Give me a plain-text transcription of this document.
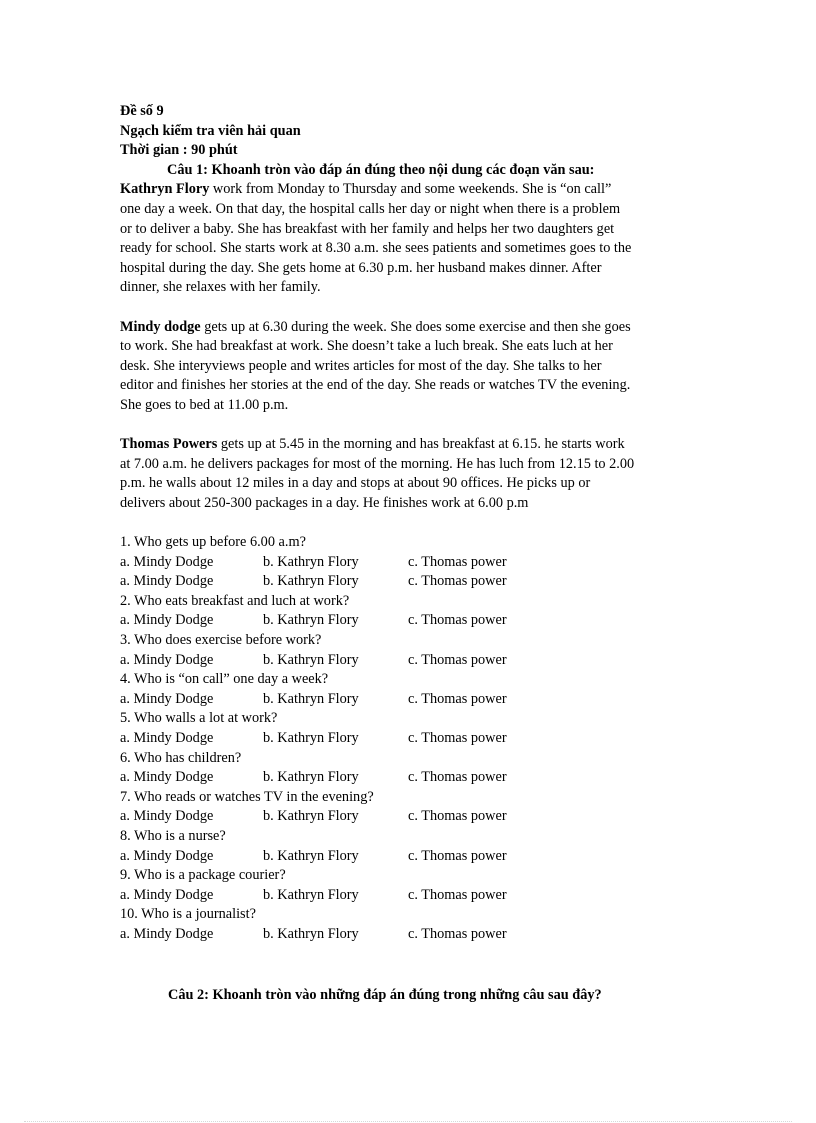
Đề số 9
Ngạch kiểm tra viên hải quan
Thời gian : 90 phút
Câu 1: Khoanh tròn vào đáp án đúng theo nội dung các đoạn văn sau:

Kathryn Flory work from Monday to Thursday and some weekends. She is “on call”
one day a week. On that day, the hospital calls her day or night when there is a problem
or to deliver a baby. She has breakfast with her family and helps her two daughters get
ready for school. She starts work at 8.30 a.m. she sees patients and sometimes goes to the
hospital during the day. She gets home at 6.30 p.m. her husband makes dinner. After
dinner, she relaxes with her family.

Mindy dodge gets up at 6.30 during the week. She does some exercise and then she goes
to work. She had breakfast at work. She doesn’t take a luch break. She eats luch at her
desk. She interyviews people and writes articles for most of the day. She talks to her
editor and finishes her stories at the end of the day. She reads or watches TV the evening.
She goes to bed at 11.00 p.m.

Thomas Powers gets up at 5.45 in the morning and has breakfast at 6.15. he starts work
at 7.00 a.m. he delivers packages for most of the morning. He has luch from 12.15 to 2.00
p.m. he walls about 12 miles in a day and stops at about 90 offices. He picks up or
delivers about 250-300 packages in a day. He finishes work at 6.00 p.m

1. Who gets up before 6.00 a.m?
a. Mindy Dodge	b. Kathryn Flory	c. Thomas power
a. Mindy Dodge	b. Kathryn Flory	c. Thomas power
2. Who eats breakfast and luch at work?
a. Mindy Dodge	b. Kathryn Flory	c. Thomas power
3. Who does exercise before work?
a. Mindy Dodge	b. Kathryn Flory	c. Thomas power
4. Who is “on call” one day a week?
a. Mindy Dodge	b. Kathryn Flory	c. Thomas power
5. Who walls a lot at work?
a. Mindy Dodge	b. Kathryn Flory	c. Thomas power
6. Who has children?
a. Mindy Dodge	b. Kathryn Flory	c. Thomas power
7. Who reads or watches TV in the evening?
a. Mindy Dodge	b. Kathryn Flory	c. Thomas power
8. Who is a nurse?
a. Mindy Dodge	b. Kathryn Flory	c. Thomas power
9. Who is a package courier?
a. Mindy Dodge	b. Kathryn Flory	c. Thomas power
10. Who is a journalist?
a. Mindy Dodge	b. Kathryn Flory	c. Thomas power
Câu 2: Khoanh tròn vào những đáp án đúng trong những câu sau đây?
